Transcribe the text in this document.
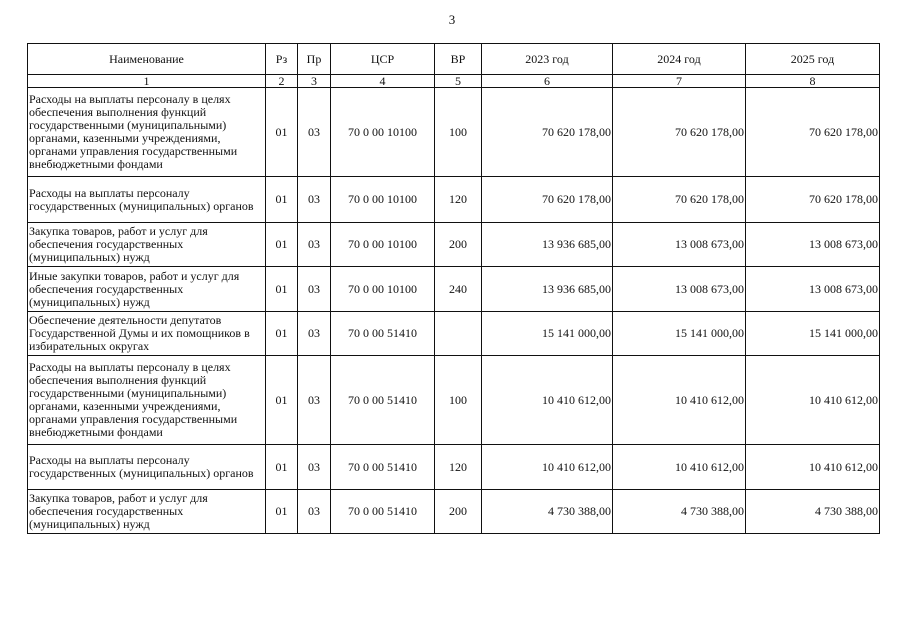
3
Наименование	Рз	Пр	ЦСР	ВР	2023 год	2024 год	2025 год
1	2	3	4	5	6	7	8
Расходы на выплаты персоналу в целях обеспечения выполнения функций государственными (муниципальными) органами, казенными учреждениями, органами управления государственными внебюджетными фондами	01	03	70 0 00 10100	100	70 620 178,00	70 620 178,00	70 620 178,00
Расходы на выплаты персоналу государственных (муниципальных) органов	01	03	70 0 00 10100	120	70 620 178,00	70 620 178,00	70 620 178,00
Закупка товаров, работ и услуг для обеспечения государственных (муниципальных) нужд	01	03	70 0 00 10100	200	13 936 685,00	13 008 673,00	13 008 673,00
Иные закупки товаров, работ и услуг для обеспечения государственных (муниципальных) нужд	01	03	70 0 00 10100	240	13 936 685,00	13 008 673,00	13 008 673,00
Обеспечение деятельности депутатов Государственной Думы и их помощников в избирательных округах	01	03	70 0 00 51410		15 141 000,00	15 141 000,00	15 141 000,00
Расходы на выплаты персоналу в целях обеспечения выполнения функций государственными (муниципальными) органами, казенными учреждениями, органами управления государственными внебюджетными фондами	01	03	70 0 00 51410	100	10 410 612,00	10 410 612,00	10 410 612,00
Расходы на выплаты персоналу государственных (муниципальных) органов	01	03	70 0 00 51410	120	10 410 612,00	10 410 612,00	10 410 612,00
Закупка товаров, работ и услуг для обеспечения государственных (муниципальных) нужд	01	03	70 0 00 51410	200	4 730 388,00	4 730 388,00	4 730 388,00
